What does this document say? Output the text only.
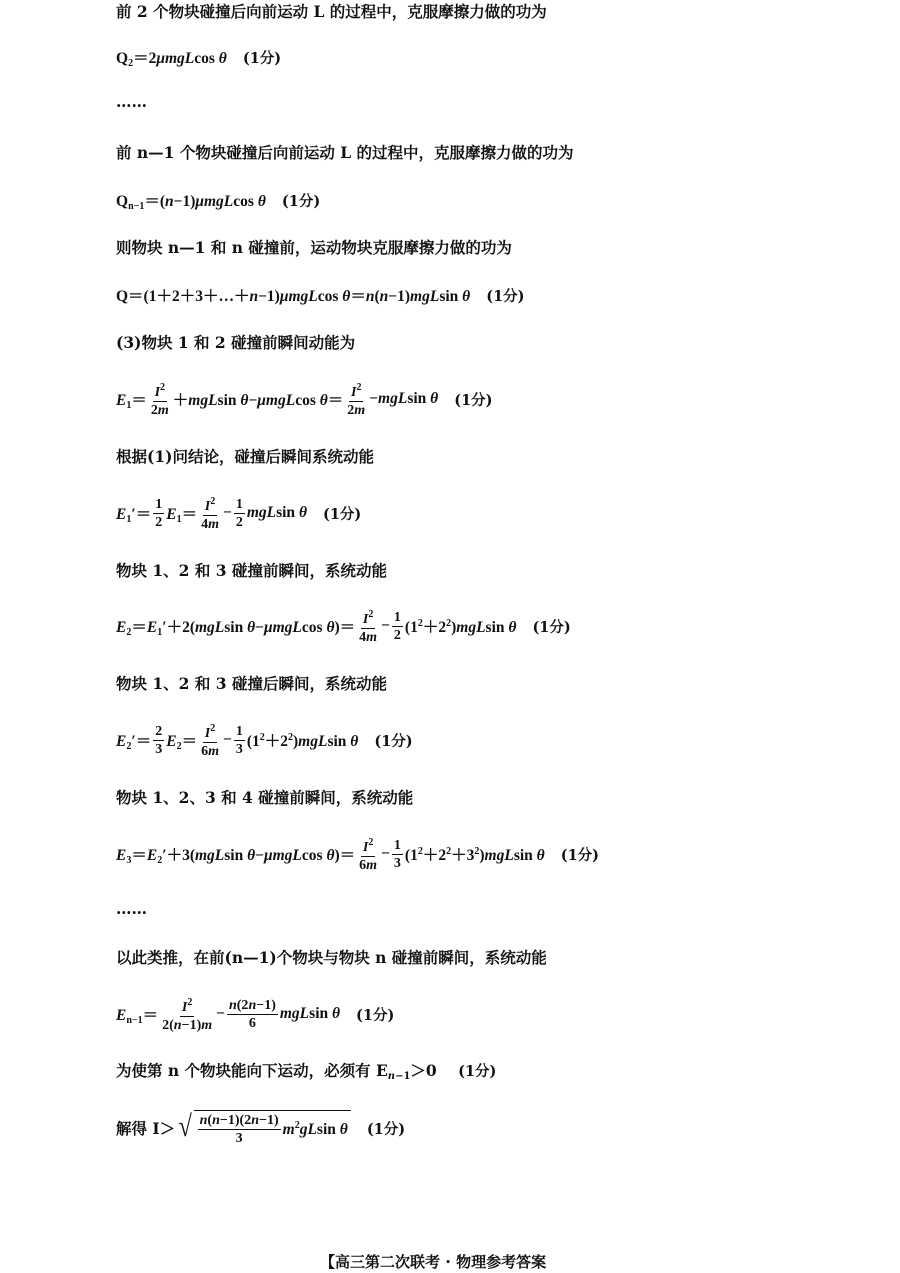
前 2 个物块碰撞后向前运动 L 的过程中，克服摩擦力做的功为
$Q_2=2\mu mgLcos$ θ (1分)
……
前 n—1 个物块碰撞后向前运动 L 的过程中，克服摩擦力做的功为
$Q_{n-1}=(n-1)\mu mgLcos$ θ (1分)
则物块 n—1 和 n 碰撞前，运动物块克服摩擦力做的功为
Q＝(1＋2＋3＋…＋n−1)μmgLcos θ＝n(n−1)mgLsin θ (1分)
(3)物块 1 和 2 碰撞前瞬间动能为
$E_1= \frac{I^2}{2m} +mgLsin$ θ−μmgLcos $\theta= \frac{I^2}{2m} -mgLsin$ θ (1分)
根据(1)问结论，碰撞后瞬间系统动能
$E_1'= \frac{1}{2} E_1= \frac{I^2}{4m} - \frac{1}{2}$ mgLsin θ (1分)
物块 1、2 和 3 碰撞前瞬间，系统动能
$E_2=E_1'+2(mgLsin$ θ−μmgLcos $\theta)= \frac{I^2}{4m} - \frac{1}{2} (1^2+2^2)mgLsin$ θ (1分)
物块 1、2 和 3 碰撞后瞬间，系统动能
$E_2'= \frac{2}{3} E_2= \frac{I^2}{6m} - \frac{1}{3} (1^2+2^2)mgLsin$ θ (1分)
物块 1、2、3 和 4 碰撞前瞬间，系统动能
$E_3=E_2'+3(mgLsin$ θ−μmgLcos $\theta)= \frac{I^2}{6m} - \frac{1}{3} (1^2+2^2+3^2)mgLsin$ θ (1分)
……
以此类推，在前(n—1)个物块与物块 n 碰撞前瞬间，系统动能
$E_{n-1}= \frac{I^2}{2(n-1)m} - \frac{n(2n-1)}{6}$ mgLsin θ (1分)
为使第 n 个物块能向下运动，必须有 $E_{n-1}>0$ (1分)
解得 I＞ √ $\frac{n(n-1)(2n-1)}{3} m^2gLsin$ θ (1分)
【高三第二次联考 · 物理参考答案
